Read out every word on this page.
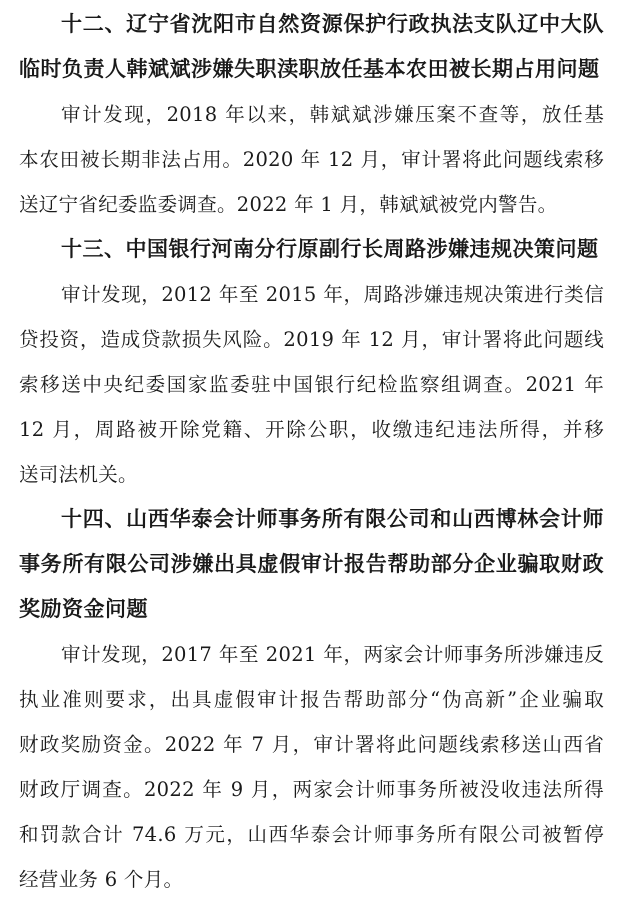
十二、辽宁省沈阳市自然资源保护行政执法支队辽中大队
临时负责人韩斌斌涉嫌失职渎职放任基本农田被长期占用问题
审计发现，2018 年以来，韩斌斌涉嫌压案不查等，放任基
本农田被长期非法占用。2020 年 12 月，审计署将此问题线索移
送辽宁省纪委监委调查。2022 年 1 月，韩斌斌被党内警告。
十三、中国银行河南分行原副行长周路涉嫌违规决策问题
审计发现，2012 年至 2015 年，周路涉嫌违规决策进行类信
贷投资，造成贷款损失风险。2019 年 12 月，审计署将此问题线
索移送中央纪委国家监委驻中国银行纪检监察组调查。2021 年
12 月，周路被开除党籍、开除公职，收缴违纪违法所得，并移
送司法机关。
十四、山西华泰会计师事务所有限公司和山西博林会计师
事务所有限公司涉嫌出具虚假审计报告帮助部分企业骗取财政
奖励资金问题
审计发现，2017 年至 2021 年，两家会计师事务所涉嫌违反
执业准则要求，出具虚假审计报告帮助部分“伪高新”企业骗取
财政奖励资金。2022 年 7 月，审计署将此问题线索移送山西省
财政厅调查。2022 年 9 月，两家会计师事务所被没收违法所得
和罚款合计 74.6 万元，山西华泰会计师事务所有限公司被暂停
经营业务 6 个月。
